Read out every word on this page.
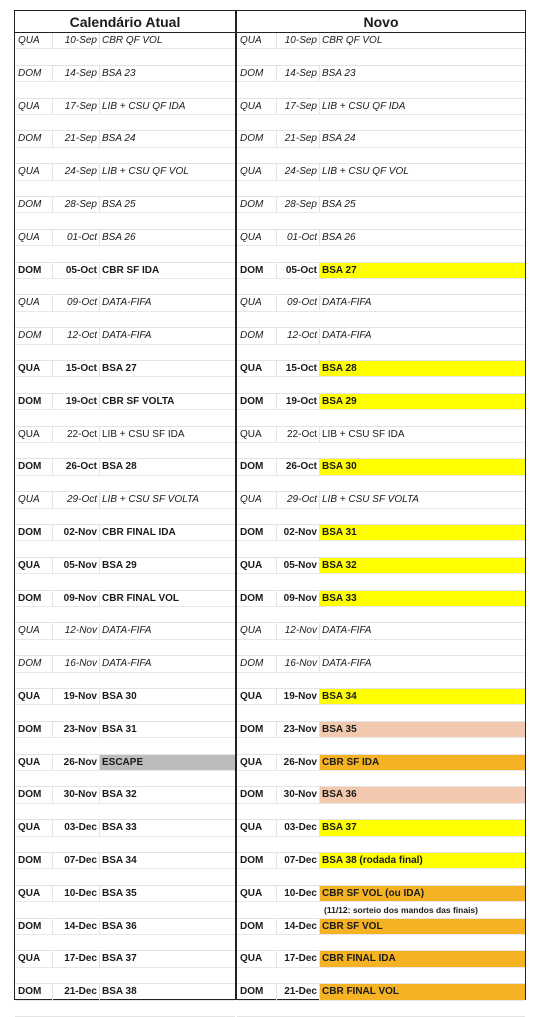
Calendário Atual
QUA	10-Sep CBR QF VOL
DOM	14-Sep BSA 23
QUA	17-Sep LIB + CSU QF IDA
DOM	21-Sep BSA 24
QUA	24-Sep LIB + CSU QF VOL
DOM	28-Sep BSA 25
QUA	01-Oct BSA 26
DOM	05-Oct CBR SF IDA
QUA	09-Oct DATA-FIFA
DOM	12-Oct DATA-FIFA
QUA	15-Oct BSA 27
DOM	19-Oct CBR SF VOLTA
QUA	22-Oct LIB + CSU SF IDA
DOM	26-Oct BSA 28
QUA	29-Oct LIB + CSU SF VOLTA
DOM	02-Nov CBR FINAL IDA
QUA	05-Nov BSA 29
DOM	09-Nov CBR FINAL VOL
QUA	12-Nov DATA-FIFA
DOM	16-Nov DATA-FIFA
QUA	19-Nov BSA 30
DOM	23-Nov BSA 31
QUA	26-Nov ESCAPE
DOM	30-Nov BSA 32
QUA	03-Dec BSA 33
DOM	07-Dec BSA 34
QUA	10-Dec BSA 35
DOM	14-Dec BSA 36
QUA	17-Dec BSA 37
DOM	21-Dec BSA 38
Novo
QUA	10-Sep CBR QF VOL
DOM	14-Sep BSA 23
QUA	17-Sep LIB + CSU QF IDA
DOM	21-Sep BSA 24
QUA	24-Sep LIB + CSU QF VOL
DOM	28-Sep BSA 25
QUA	01-Oct BSA 26
DOM	05-Oct BSA 27
QUA	09-Oct DATA-FIFA
DOM	12-Oct DATA-FIFA
QUA	15-Oct BSA 28
DOM	19-Oct BSA 29
QUA	22-Oct LIB + CSU SF IDA
DOM	26-Oct BSA 30
QUA	29-Oct LIB + CSU SF VOLTA
DOM	02-Nov BSA 31
QUA	05-Nov BSA 32
DOM	09-Nov BSA 33
QUA	12-Nov DATA-FIFA
DOM	16-Nov DATA-FIFA
QUA	19-Nov BSA 34
DOM	23-Nov BSA 35
QUA	26-Nov CBR SF IDA
DOM	30-Nov BSA 36
QUA	03-Dec BSA 37
DOM	07-Dec BSA 38 (rodada final)
QUA	10-Dec CBR SF VOL (ou IDA)
(11/12: sorteio dos mandos das finais)
DOM	14-Dec CBR SF VOL
QUA	17-Dec CBR FINAL IDA
DOM	21-Dec CBR FINAL VOL
